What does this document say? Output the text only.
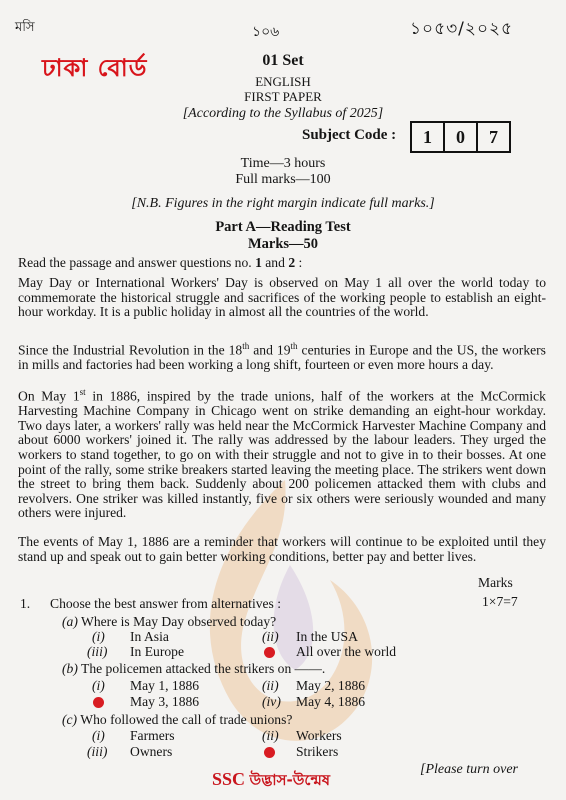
মসি	১০৬	১০৫৩/২০২৫
ঢাকা বোর্ড	01 Set
ENGLISH
FIRST PAPER
[According to the Syllabus of 2025]
Subject Code :	1	0	7
Time—3 hours
Full marks—100
[N.B. Figures in the right margin indicate full marks.]
Part A—Reading Test
Marks—50
Read the passage and answer questions no. 1 and 2 :
May Day or International Workers' Day is observed on May 1 all over the world today to commemorate the historical struggle and sacrifices of the working people to establish an eight-hour workday. It is a public holiday in almost all the countries of the world.
Since the Industrial Revolution in the 18th and 19th centuries in Europe and the US, the workers in mills and factories had been working a long shift, fourteen or even more hours a day.
On May 1st in 1886, inspired by the trade unions, half of the workers at the McCormick Harvesting Machine Company in Chicago went on strike demanding an eight-hour workday. Two days later, a workers' rally was held near the McCormick Harvester Machine Company and about 6000 workers' joined it. The rally was addressed by the labour leaders. They urged the workers to stand together, to go on with their struggle and not to give in to their bosses. At one point of the rally, some strike breakers started leaving the meeting place. The strikers went down the street to bring them back. Suddenly about 200 policemen attacked them with clubs and revolvers. One striker was killed instantly, five or six others were seriously wounded and many others were injured.
The events of May 1, 1886 are a reminder that workers will continue to be exploited until they stand up and speak out to gain better working conditions, better pay and better lives.
Marks
1×7=7
1. Choose the best answer from alternatives :
(a) Where is May Day observed today?
(i) In Asia	(ii) In the USA
(iii) In Europe	All over the world
(b) The policemen attacked the strikers on ——.
(i) May 1, 1886	(ii) May 2, 1886
May 3, 1886	(iv) May 4, 1886
(c) Who followed the call of trade unions?
(i) Farmers	(ii) Workers
(iii) Owners	Strikers
SSC উদ্ভাস-উন্মেষ
[Please turn over
